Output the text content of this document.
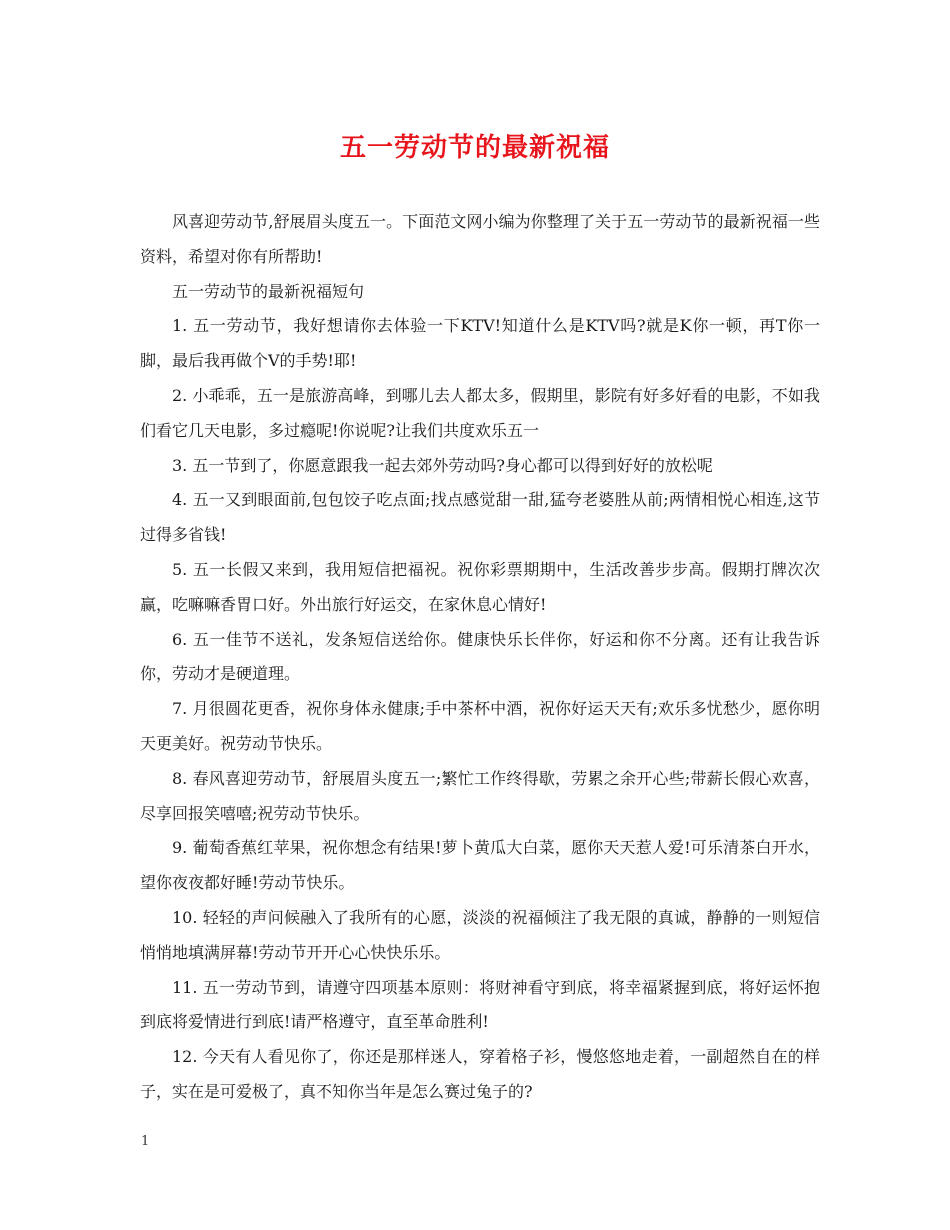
五一劳动节的最新祝福

风喜迎劳动节,舒展眉头度五一。下面范文网小编为你整理了关于五一劳动节的最新祝福一些资料，希望对你有所帮助!

五一劳动节的最新祝福短句

1. 五一劳动节，我好想请你去体验一下KTV!知道什么是KTV吗?就是K你一顿，再T你一脚，最后我再做个V的手势!耶!

2. 小乖乖，五一是旅游高峰，到哪儿去人都太多，假期里，影院有好多好看的电影，不如我们看它几天电影，多过瘾呢!你说呢?让我们共度欢乐五一

3. 五一节到了，你愿意跟我一起去郊外劳动吗?身心都可以得到好好的放松呢

4. 五一又到眼面前,包包饺子吃点面;找点感觉甜一甜,猛夸老婆胜从前;两情相悦心相连,这节过得多省钱!

5. 五一长假又来到，我用短信把福祝。祝你彩票期期中，生活改善步步高。假期打牌次次赢，吃嘛嘛香胃口好。外出旅行好运交，在家休息心情好!

6. 五一佳节不送礼，发条短信送给你。健康快乐长伴你，好运和你不分离。还有让我告诉你，劳动才是硬道理。

7. 月很圆花更香，祝你身体永健康;手中茶杯中酒，祝你好运天天有;欢乐多忧愁少，愿你明天更美好。祝劳动节快乐。

8. 春风喜迎劳动节，舒展眉头度五一;繁忙工作终得歇，劳累之余开心些;带薪长假心欢喜，尽享回报笑嘻嘻;祝劳动节快乐。

9. 葡萄香蕉红苹果，祝你想念有结果!萝卜黄瓜大白菜，愿你天天惹人爱!可乐清茶白开水，望你夜夜都好睡!劳动节快乐。

10. 轻轻的声问候融入了我所有的心愿，淡淡的祝福倾注了我无限的真诚，静静的一则短信悄悄地填满屏幕!劳动节开开心心快快乐乐。

11. 五一劳动节到，请遵守四项基本原则：将财神看守到底，将幸福紧握到底，将好运怀抱到底将爱情进行到底!请严格遵守，直至革命胜利!

12. 今天有人看见你了，你还是那样迷人，穿着格子衫，慢悠悠地走着，一副超然自在的样子，实在是可爱极了，真不知你当年是怎么赛过兔子的?

1
